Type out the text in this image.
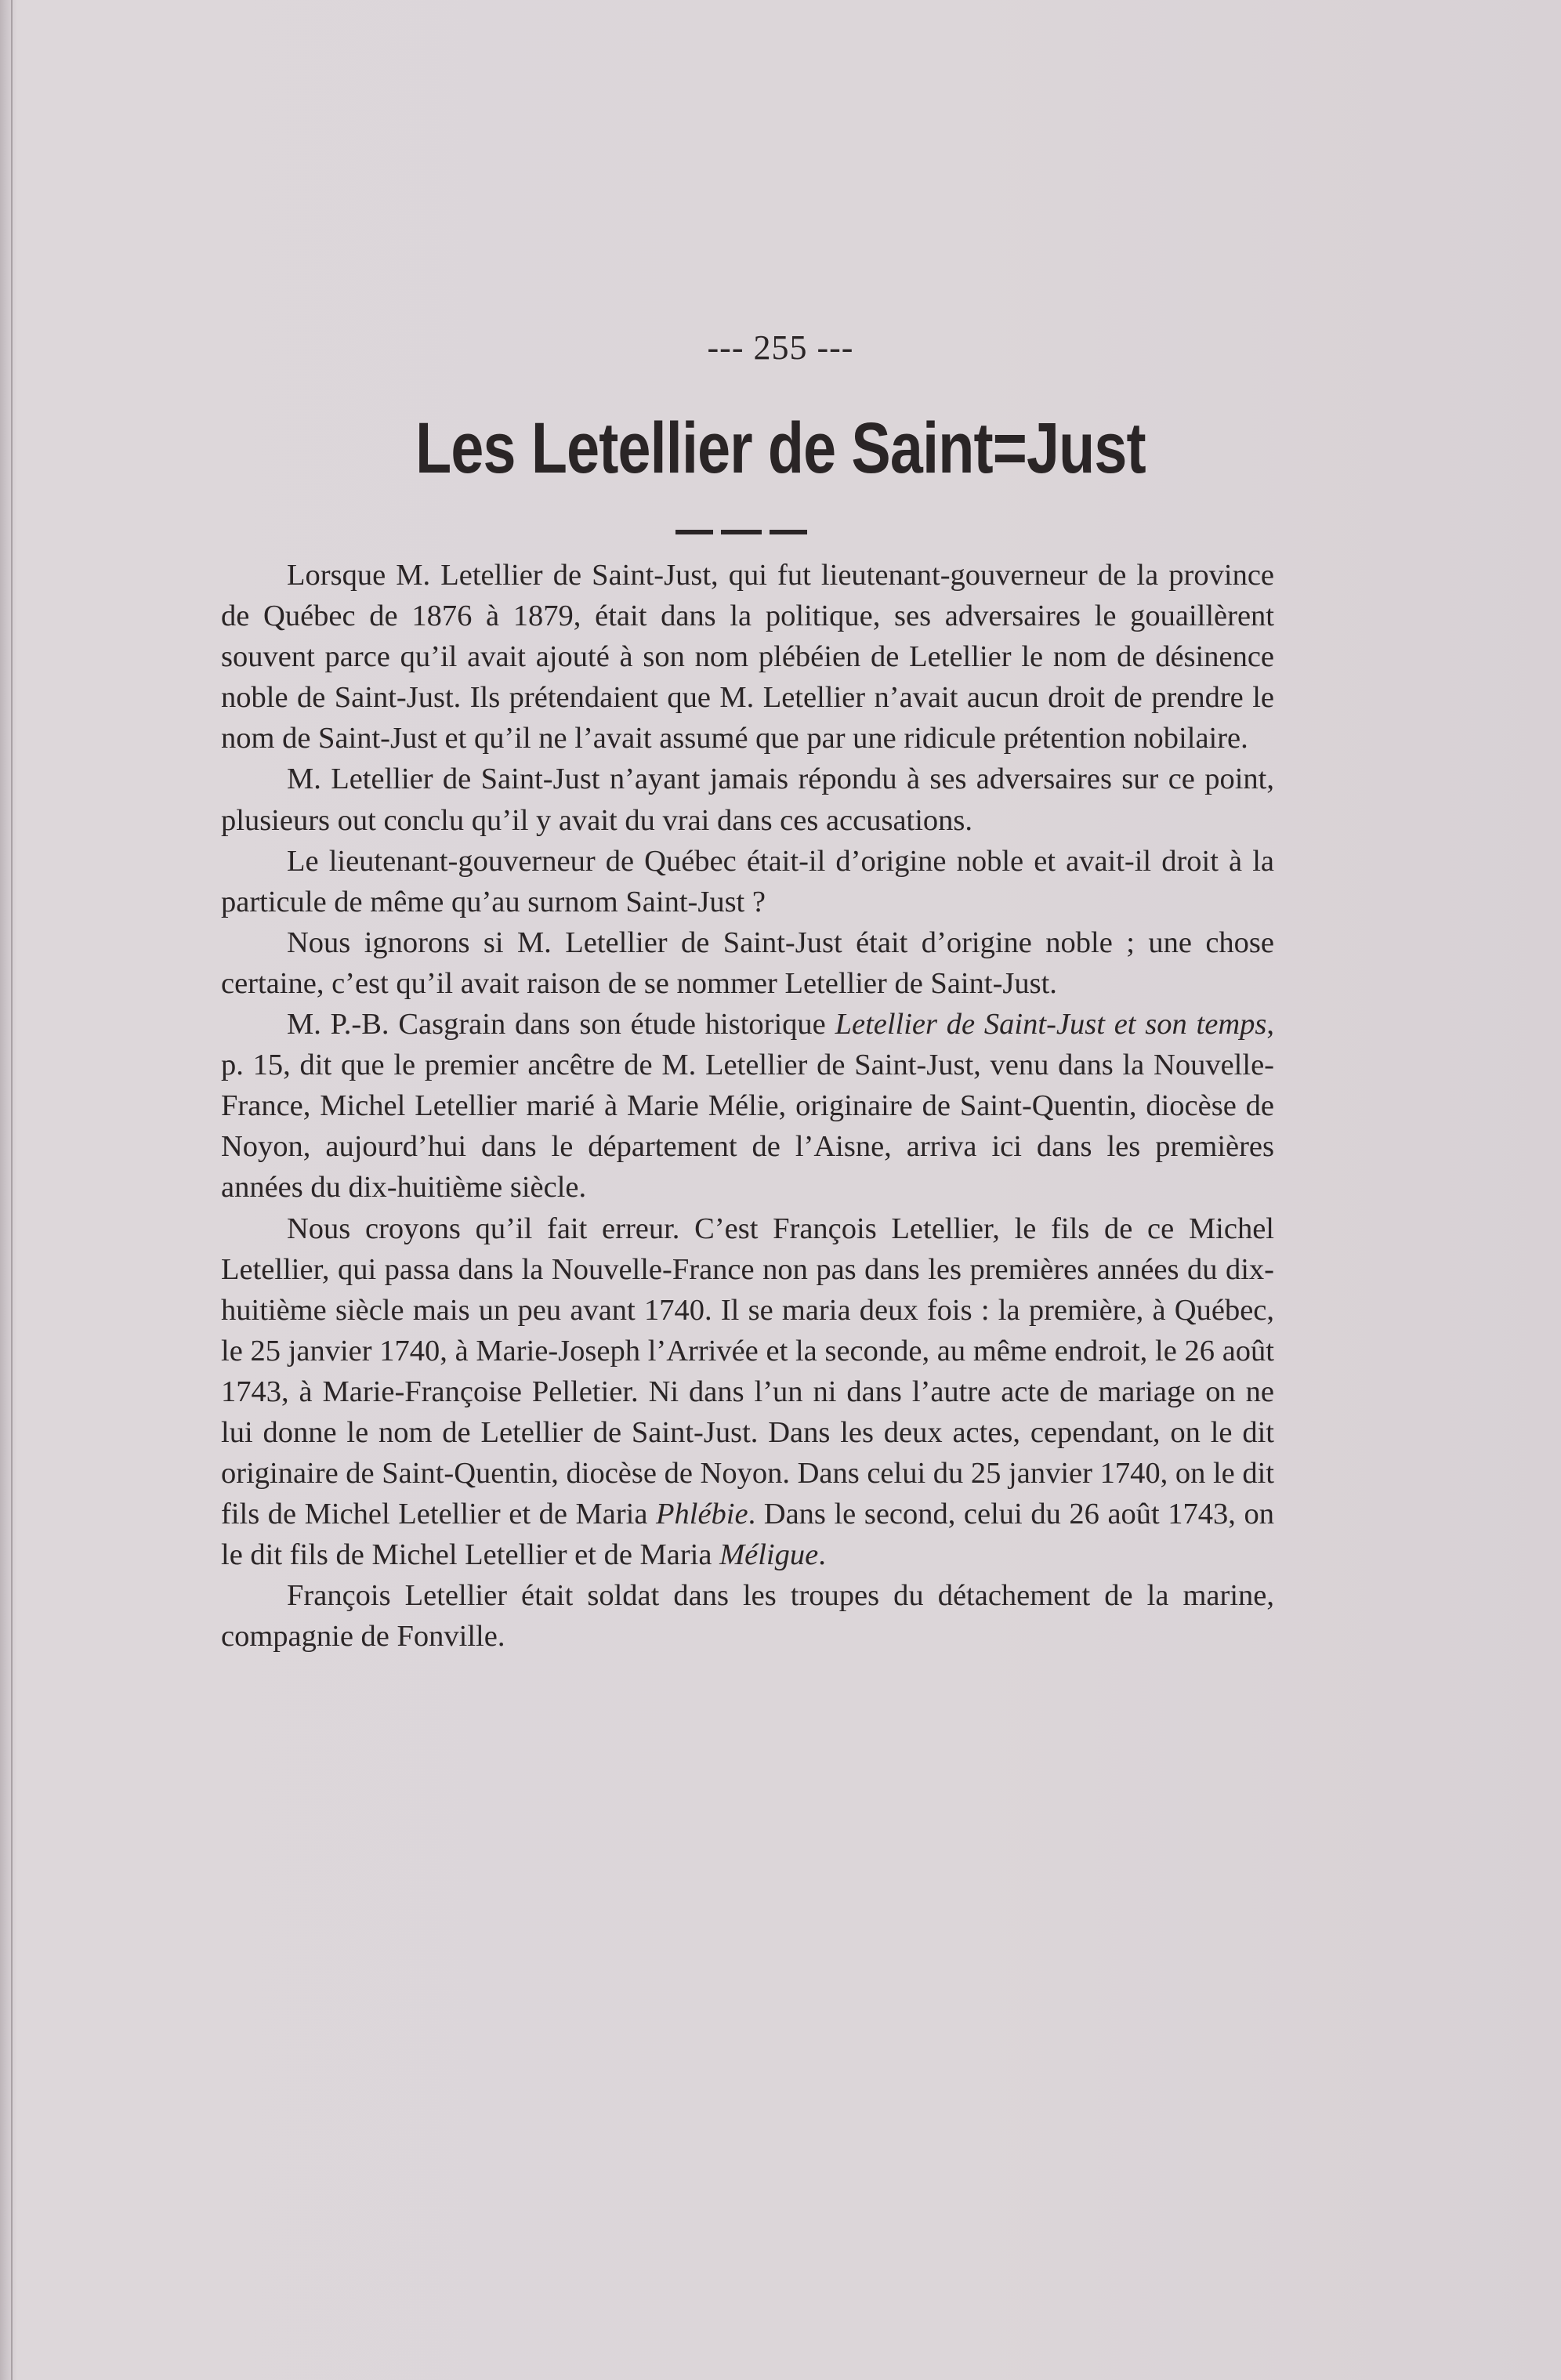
--- 255 ---
Les Letellier de Saint=Just

Lorsque M. Letellier de Saint-Just, qui fut lieutenant-gouverneur de la province de Québec de 1876 à 1879, était dans la politique, ses adversaires le gouaillèrent souvent parce qu’il avait ajouté à son nom plébéien de Letellier le nom de désinence noble de Saint-Just. Ils prétendaient que M. Letellier n’avait aucun droit de prendre le nom de Saint-Just et qu’il ne l’avait assumé que par une ridicule prétention nobilaire.

M. Letellier de Saint-Just n’ayant jamais répondu à ses adversaires sur ce point, plusieurs out conclu qu’il y avait du vrai dans ces accusations.

Le lieutenant-gouverneur de Québec était-il d’origine noble et avait-il droit à la particule de même qu’au surnom Saint-Just ?

Nous ignorons si M. Letellier de Saint-Just était d’origine noble ; une chose certaine, c’est qu’il avait raison de se nommer Letellier de Saint-Just.

M. P.-B. Casgrain dans son étude historique Letellier de Saint-Just et son temps, p. 15, dit que le premier ancêtre de M. Letellier de Saint-Just, venu dans la Nouvelle-France, Michel Letellier marié à Marie Mélie, originaire de Saint-Quentin, diocèse de Noyon, aujourd’hui dans le département de l’Aisne, arriva ici dans les premières années du dix-huitième siècle.

Nous croyons qu’il fait erreur. C’est François Letellier, le fils de ce Michel Letellier, qui passa dans la Nouvelle-France non pas dans les premières années du dix-huitième siècle mais un peu avant 1740. Il se maria deux fois : la première, à Québec, le 25 janvier 1740, à Marie-Joseph l’Arrivée et la seconde, au même endroit, le 26 août 1743, à Marie-Françoise Pelletier. Ni dans l’un ni dans l’autre acte de mariage on ne lui donne le nom de Letellier de Saint-Just. Dans les deux actes, cependant, on le dit originaire de Saint-Quentin, diocèse de Noyon. Dans celui du 25 janvier 1740, on le dit fils de Michel Letellier et de Maria Phlébie. Dans le second, celui du 26 août 1743, on le dit fils de Michel Letellier et de Maria Méligue.

François Letellier était soldat dans les troupes du détachement de la marine, compagnie de Fonville.
